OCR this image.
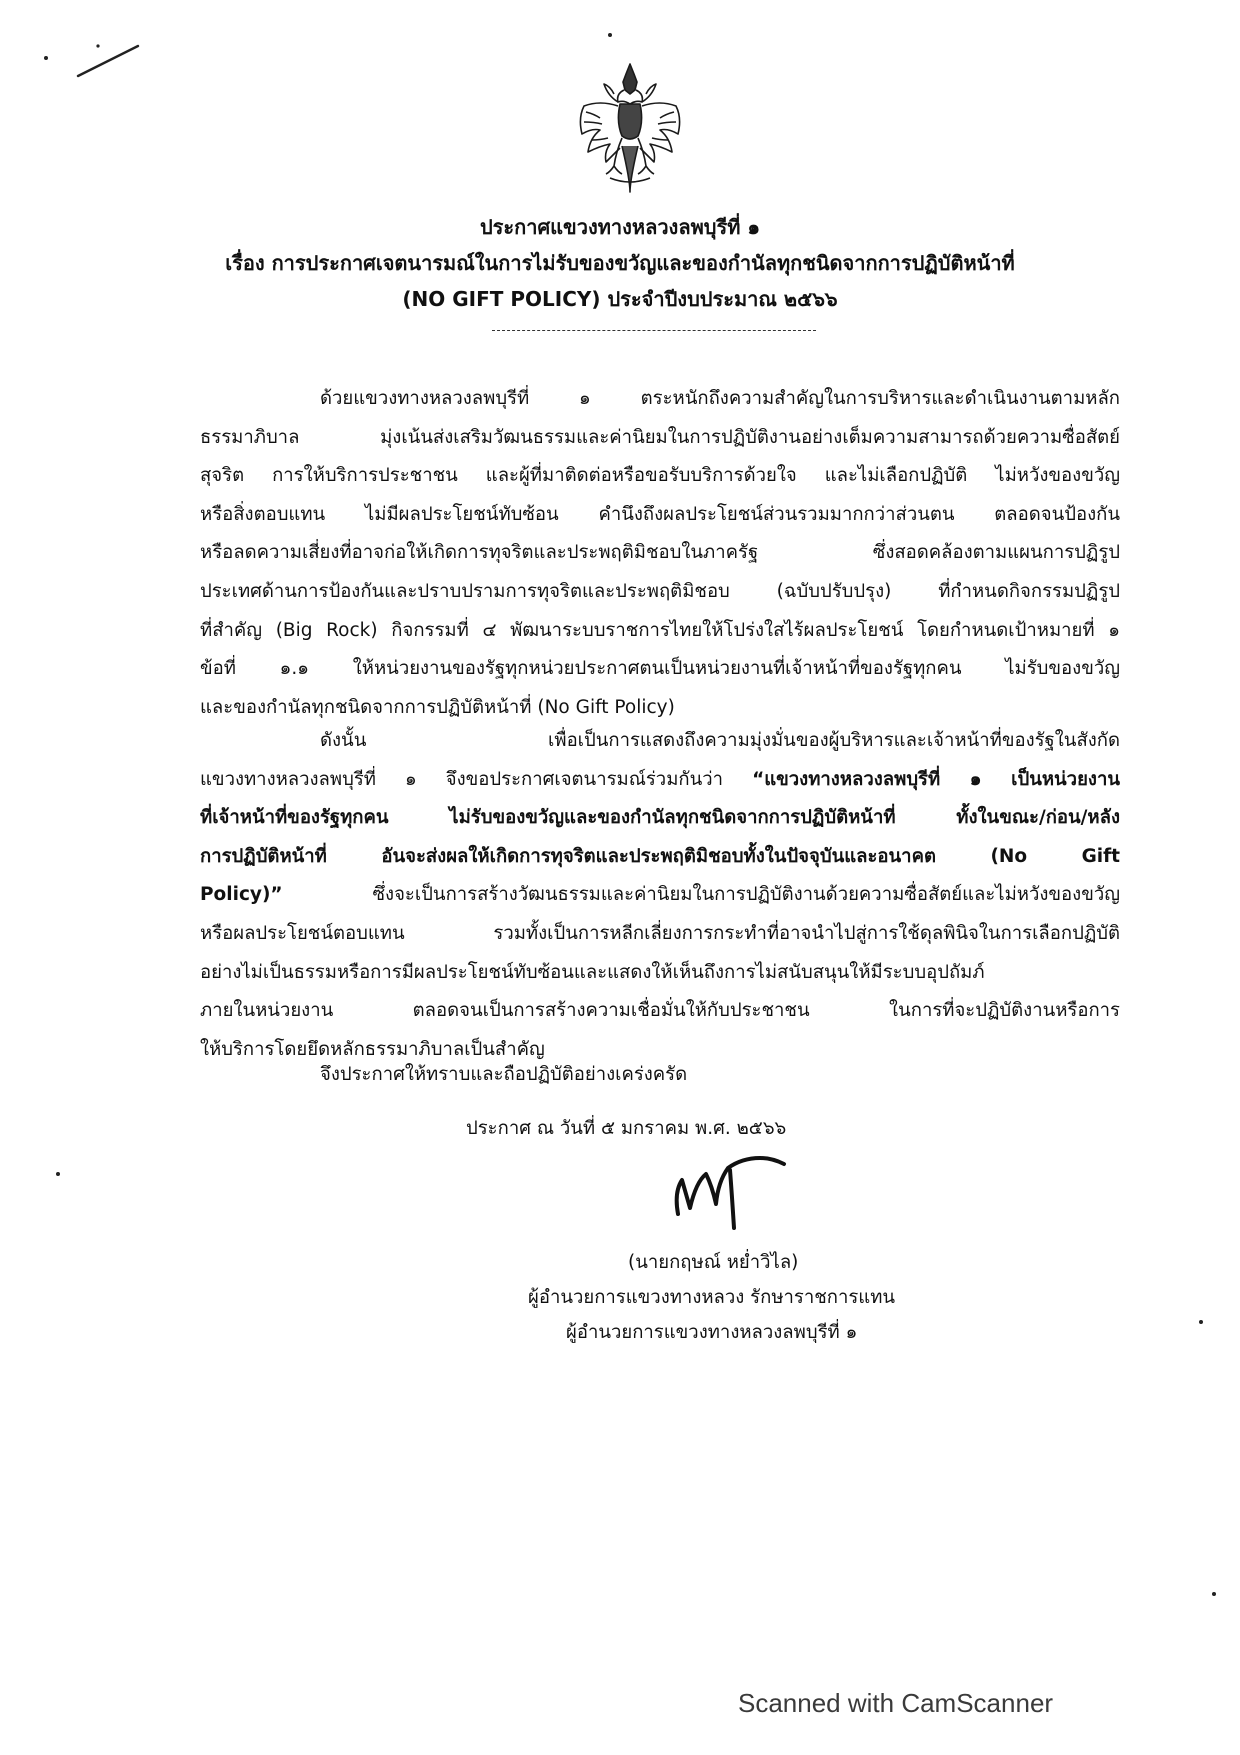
ประกาศแขวงทางหลวงลพบุรีที่ ๑
เรื่อง การประกาศเจตนารมณ์ในการไม่รับของขวัญและของกำนัลทุกชนิดจากการปฏิบัติหน้าที่
(NO GIFT POLICY) ประจำปีงบประมาณ ๒๕๖๖
ด้วยแขวงทางหลวงลพบุรีที่ ๑ ตระหนักถึงความสำคัญในการบริหารและดำเนินงานตามหลัก
ธรรมาภิบาล มุ่งเน้นส่งเสริมวัฒนธรรมและค่านิยมในการปฏิบัติงานอย่างเต็มความสามารถด้วยความซื่อสัตย์
สุจริต การให้บริการประชาชน และผู้ที่มาติดต่อหรือขอรับบริการด้วยใจ และไม่เลือกปฏิบัติ ไม่หวังของขวัญ
หรือสิ่งตอบแทน ไม่มีผลประโยชน์ทับซ้อน คำนึงถึงผลประโยชน์ส่วนรวมมากกว่าส่วนตน ตลอดจนป้องกัน
หรือลดความเสี่ยงที่อาจก่อให้เกิดการทุจริตและประพฤติมิชอบในภาครัฐ ซึ่งสอดคล้องตามแผนการปฏิรูป
ประเทศด้านการป้องกันและปราบปรามการทุจริตและประพฤติมิชอบ (ฉบับปรับปรุง) ที่กำหนดกิจกรรมปฏิรูป
ที่สำคัญ (Big Rock) กิจกรรมที่ ๔ พัฒนาระบบราชการไทยให้โปร่งใสไร้ผลประโยชน์ โดยกำหนดเป้าหมายที่ ๑
ข้อที่ ๑.๑ ให้หน่วยงานของรัฐทุกหน่วยประกาศตนเป็นหน่วยงานที่เจ้าหน้าที่ของรัฐทุกคน ไม่รับของขวัญ
และของกำนัลทุกชนิดจากการปฏิบัติหน้าที่ (No Gift Policy)
ดังนั้น เพื่อเป็นการแสดงถึงความมุ่งมั่นของผู้บริหารและเจ้าหน้าที่ของรัฐในสังกัด
แขวงทางหลวงลพบุรีที่ ๑ จึงขอประกาศเจตนารมณ์ร่วมกันว่า “แขวงทางหลวงลพบุรีที่ ๑ เป็นหน่วยงาน
ที่เจ้าหน้าที่ของรัฐทุกคน ไม่รับของขวัญและของกำนัลทุกชนิดจากการปฏิบัติหน้าที่ ทั้งในขณะ/ก่อน/หลัง
การปฏิบัติหน้าที่ อันจะส่งผลให้เกิดการทุจริตและประพฤติมิชอบทั้งในปัจจุบันและอนาคต (No Gift
Policy)” ซึ่งจะเป็นการสร้างวัฒนธรรมและค่านิยมในการปฏิบัติงานด้วยความซื่อสัตย์และไม่หวังของขวัญ
หรือผลประโยชน์ตอบแทน รวมทั้งเป็นการหลีกเลี่ยงการกระทำที่อาจนำไปสู่การใช้ดุลพินิจในการเลือกปฏิบัติ
อย่างไม่เป็นธรรมหรือการมีผลประโยชน์ทับซ้อนและแสดงให้เห็นถึงการไม่สนับสนุนให้มีระบบอุปถัมภ์
ภายในหน่วยงาน ตลอดจนเป็นการสร้างความเชื่อมั่นให้กับประชาชน ในการที่จะปฏิบัติงานหรือการ
ให้บริการโดยยึดหลักธรรมาภิบาลเป็นสำคัญ
จึงประกาศให้ทราบและถือปฏิบัติอย่างเคร่งครัด
ประกาศ ณ วันที่ ๕ มกราคม พ.ศ. ๒๕๖๖
(นายกฤษณ์ หย่ำวิไล)
ผู้อำนวยการแขวงทางหลวง รักษาราชการแทน
ผู้อำนวยการแขวงทางหลวงลพบุรีที่ ๑
Scanned with CamScanner
